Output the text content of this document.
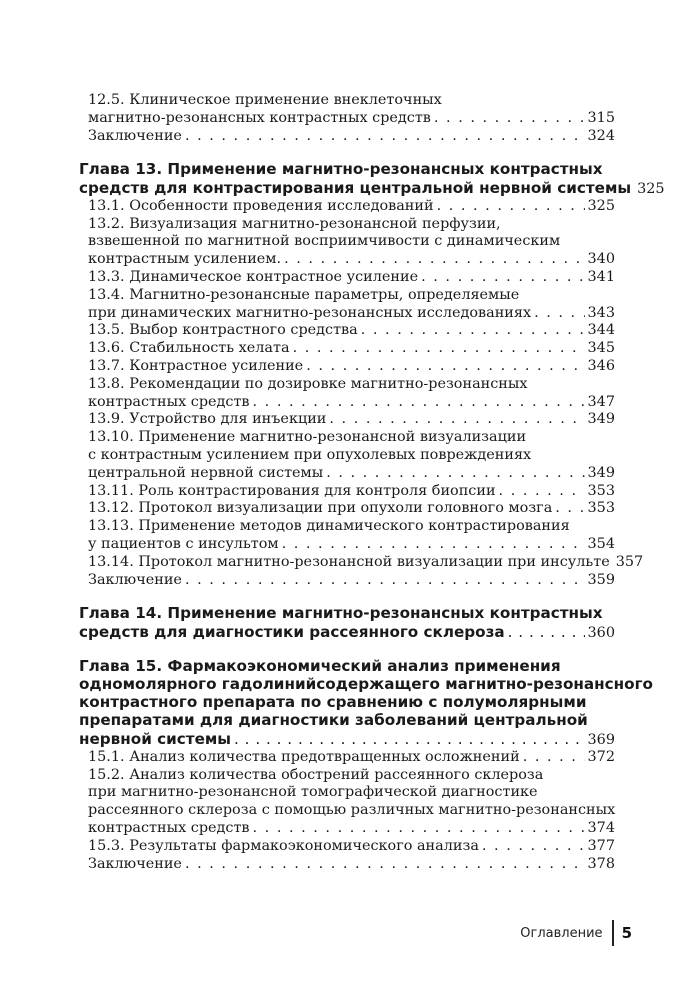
12.5. Клиническое применение внеклеточных
магнитно-резонансных контрастных средств . . .	315
Заключение . . .	324
Глава 13. Применение магнитно-резонансных контрастных
средств для контрастирования центральной нервной системы 325
13.1. Особенности проведения исследований . . .	325
13.2. Визуализация магнитно-резонансной перфузии,
взвешенной по магнитной восприимчивости с динамическим
контрастным усилением. . . .	340
13.3. Динамическое контрастное усиление . . .	341
13.4. Магнитно-резонансные параметры, определяемые
при динамических магнитно-резонансных исследованиях . . .	343
13.5. Выбор контрастного средства . . .	344
13.6. Стабильность хелата . . .	345
13.7. Контрастное усиление . . .	346
13.8. Рекомендации по дозировке магнитно-резонансных
контрастных средств . . .	347
13.9. Устройство для инъекции . . .	349
13.10. Применение магнитно-резонансной визуализации
с контрастным усилением при опухолевых повреждениях
центральной нервной системы . . .	349
13.11. Роль контрастирования для контроля биопсии . . .	353
13.12. Протокол визуализации при опухоли головного мозга . . . 353
13.13. Применение методов динамического контрастирования
у пациентов с инсультом . . .	354
13.14. Протокол магнитно-резонансной визуализации при инсульте 357
Заключение . . .	359
Глава 14. Применение магнитно-резонансных контрастных
средств для диагностики рассеянного склероза . . .	360
Глава 15. Фармакоэкономический анализ применения
одномолярного гадолинийсодержащего магнитно-резонансного
контрастного препарата по сравнению с полумолярными
препаратами для диагностики заболеваний центральной
нервной системы . . .	369
15.1. Анализ количества предотвращенных осложнений . . .	372
15.2. Анализ количества обострений рассеянного склероза
при магнитно-резонансной томографической диагностике
рассеянного склероза с помощью различных магнитно-резонансных
контрастных средств . . .	374
15.3. Результаты фармакоэкономического анализа . . .	377
Заключение . . .	378
Оглавление	5
